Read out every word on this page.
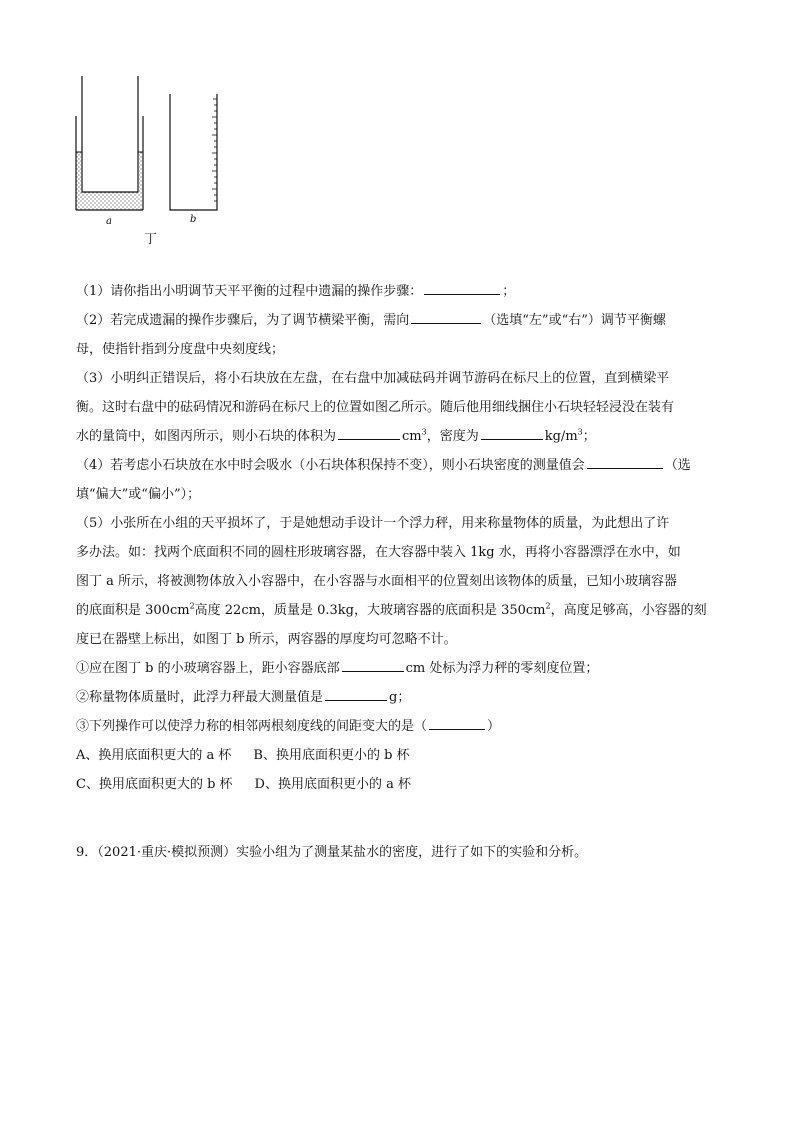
a	b
丁
（1）请你指出小明调节天平平衡的过程中遗漏的操作步骤：	；
（2）若完成遗漏的操作步骤后，为了调节横梁平衡，需向	（选填“左”或“右”）调节平衡螺
母，使指针指到分度盘中央刻度线；
（3）小明纠正错误后，将小石块放在左盘，在右盘中加减砝码并调节游码在标尺上的位置，直到横梁平
衡。这时右盘中的砝码情况和游码在标尺上的位置如图乙所示。随后他用细线捆住小石块轻轻浸没在装有
水的量筒中，如图丙所示，则小石块的体积为	$cm^3$，密度为	$kg/m^3$；
（4）若考虑小石块放在水中时会吸水（小石块体积保持不变），则小石块密度的测量值会	（选
填“偏大”或“偏小”）；
（5）小张所在小组的天平损坏了，于是她想动手设计一个浮力秤，用来称量物体的质量，为此想出了许
多办法。如：找两个底面积不同的圆柱形玻璃容器，在大容器中装入 1kg 水，再将小容器漂浮在水中，如
图丁 a 所示，将被测物体放入小容器中，在小容器与水面相平的位置刻出该物体的质量，已知小玻璃容器
的底面积是 $300cm^2$高度 22cm，质量是 0.3kg，大玻璃容器的底面积是 $350cm^2$，高度足够高，小容器的刻
度已在器壁上标出，如图丁 b 所示，两容器的厚度均可忽略不计。
①应在图丁 b 的小玻璃容器上，距小容器底部	cm 处标为浮力秤的零刻度位置；
②称量物体质量时，此浮力秤最大测量值是	g；
③下列操作可以使浮力称的相邻两根刻度线的间距变大的是（	）
A、换用底面积更大的 a 杯 B、换用底面积更小的 b 杯
C、换用底面积更大的 b 杯 D、换用底面积更小的 a 杯
9．（2021·重庆·模拟预测）实验小组为了测量某盐水的密度，进行了如下的实验和分析。
